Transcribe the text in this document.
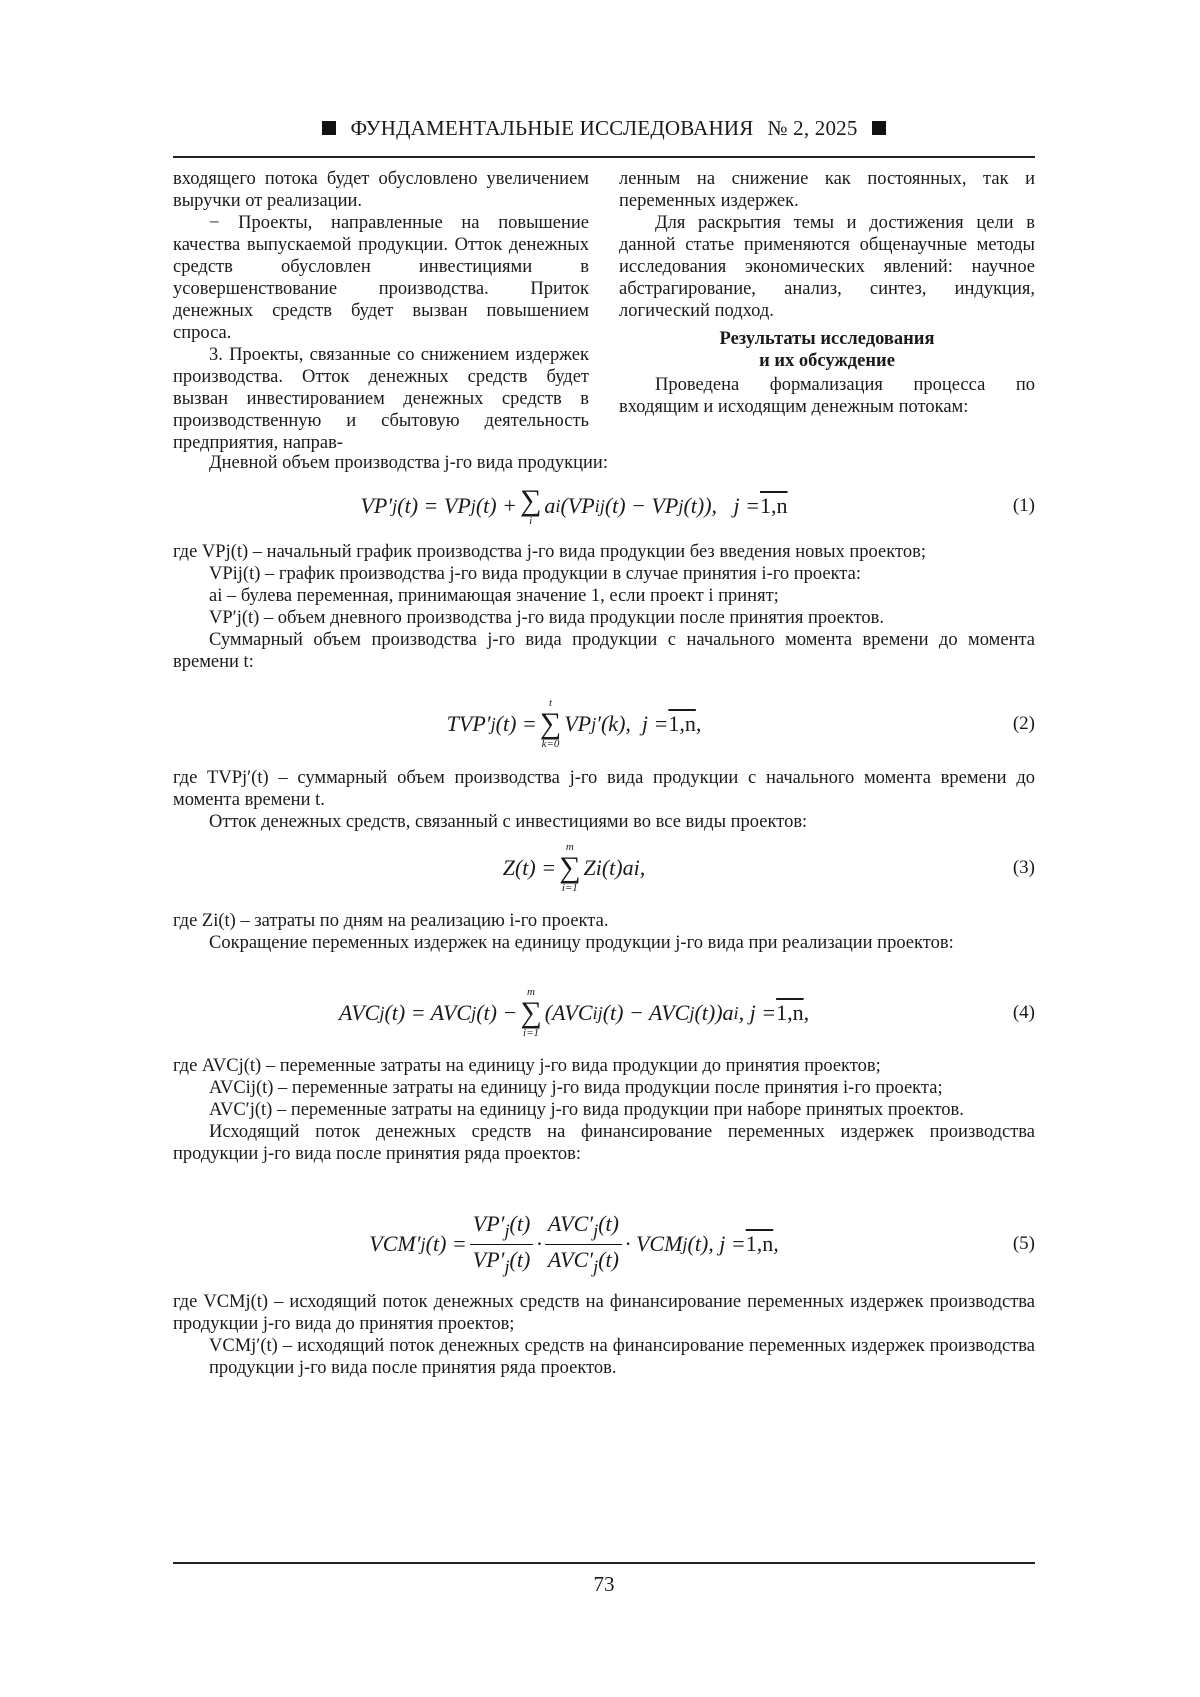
ФУНДАМЕНТАЛЬНЫЕ ИССЛЕДОВАНИЯ № 2, 2025

входящего потока будет обусловлено увеличением выручки от реализации.

− Проекты, направленные на повышение качества выпускаемой продукции. Отток денежных средств обусловлен инвестициями в усовершенствование производства. Приток денежных средств будет вызван повышением спроса.

3. Проекты, связанные со снижением издержек производства. Отток денежных средств будет вызван инвестированием денежных средств в производственную и сбытовую деятельность предприятия, направ-

ленным на снижение как постоянных, так и переменных издержек.

Для раскрытия темы и достижения цели в данной статье применяются общенаучные методы исследования экономических явлений: научное абстрагирование, анализ, синтез, индукция, логический подход.

Результаты исследования
и их обсуждение

Проведена формализация процесса по входящим и исходящим денежным потокам:

Дневной объем производства j-го вида продукции:

VP′ j (t) = VP j (t) + ∑
i
a i (VP ij (t) − VP j (t)),   j = 1,n	(1)

где VPj(t) – начальный график производства j-го вида продукции без введения новых проектов;

VPij(t) – график производства j-го вида продукции в случае принятия i-го проекта:

ai – булева переменная, принимающая значение 1, если проект i принят;

VP′j(t) – объем дневного производства j-го вида продукции после принятия проектов.

Суммарный объем производства j-го вида продукции с начального момента времени до момента времени t:

TVP′ j (t) =
t
∑
k=0
VP j ′(k),  j = 1,n ,	(2)

где TVPj′(t) – суммарный объем производства j-го вида продукции с начального момента времени до момента времени t.

Отток денежных средств, связанный с инвестициями во все виды проектов:

Z(t) =
m
∑
i=1
Zi(t)ai,	(3)

где Zi(t) – затраты по дням на реализацию i-го проекта.

Сокращение переменных издержек на единицу продукции j-го вида при реализации проектов:

AVC j (t) = AVC j (t) −
m
∑
i=1
(AVC ij (t) − AVC j (t))a i , j = 1,n ,	(4)

где AVCj(t) – переменные затраты на единицу j-го вида продукции до принятия проектов;

AVCij(t) – переменные затраты на единицу j-го вида продукции после принятия i-го проекта;

AVC′j(t) – переменные затраты на единицу j-го вида продукции при наборе принятых проектов.

Исходящий поток денежных средств на финансирование переменных издержек производства продукции j-го вида после принятия ряда проектов:

VCM′ j $(t) = \frac{VP'_j(t)}{VP'_j(t)} \cdot \frac{AVC'_j(t)}{AVC'_j(t)}$ · VCM j (t), j = 1,n ,	(5)

где VCMj(t) – исходящий поток денежных средств на финансирование переменных издержек производства продукции j-го вида до принятия проектов;

VCMj′(t) – исходящий поток денежных средств на финансирование переменных издержек производства продукции j-го вида после принятия ряда проектов.

73
